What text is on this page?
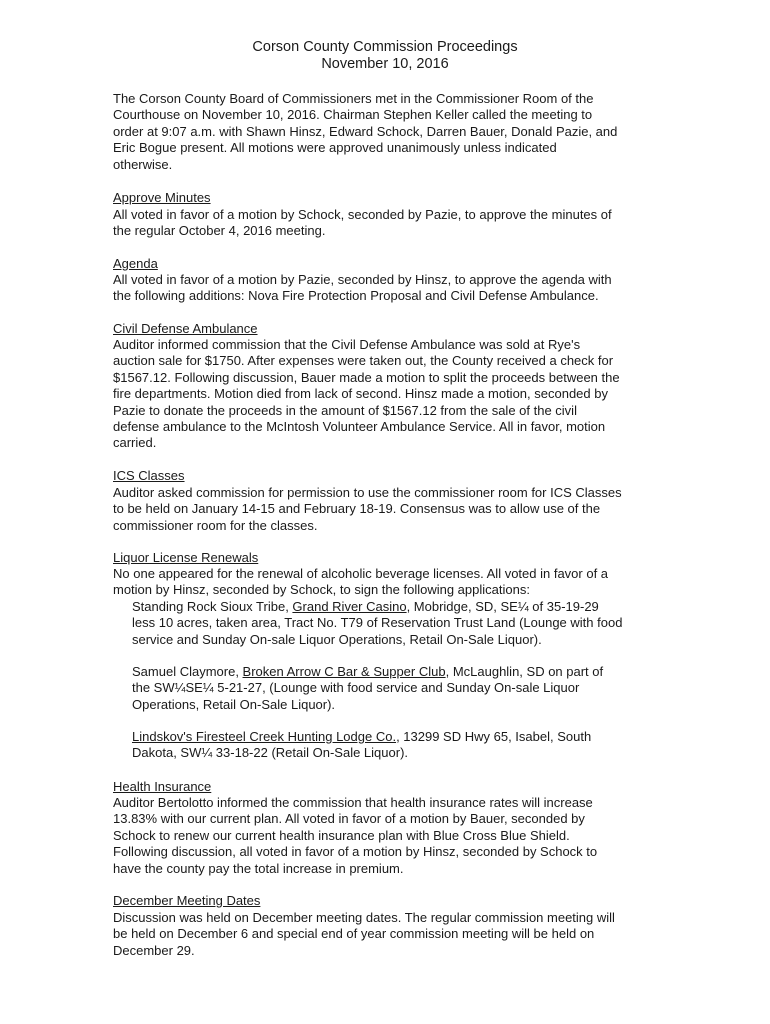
Corson County Commission Proceedings
November 10, 2016
The Corson County Board of Commissioners met in the Commissioner Room of the
Courthouse on November 10, 2016. Chairman Stephen Keller called the meeting to
order at 9:07 a.m. with Shawn Hinsz, Edward Schock, Darren Bauer, Donald Pazie, and
Eric Bogue present. All motions were approved unanimously unless indicated
otherwise.
Approve Minutes
All voted in favor of a motion by Schock, seconded by Pazie, to approve the minutes of
the regular October 4, 2016 meeting.
Agenda
All voted in favor of a motion by Pazie, seconded by Hinsz, to approve the agenda with
the following additions: Nova Fire Protection Proposal and Civil Defense Ambulance.
Civil Defense Ambulance
Auditor informed commission that the Civil Defense Ambulance was sold at Rye's
auction sale for $1750. After expenses were taken out, the County received a check for
$1567.12. Following discussion, Bauer made a motion to split the proceeds between the
fire departments. Motion died from lack of second. Hinsz made a motion, seconded by
Pazie to donate the proceeds in the amount of $1567.12 from the sale of the civil
defense ambulance to the McIntosh Volunteer Ambulance Service. All in favor, motion
carried.
ICS Classes
Auditor asked commission for permission to use the commissioner room for ICS Classes
to be held on January 14-15 and February 18-19. Consensus was to allow use of the
commissioner room for the classes.
Liquor License Renewals
No one appeared for the renewal of alcoholic beverage licenses. All voted in favor of a
motion by Hinsz, seconded by Schock, to sign the following applications:
Standing Rock Sioux Tribe, Grand River Casino, Mobridge, SD, SE¼ of 35-19-29
less 10 acres, taken area, Tract No. T79 of Reservation Trust Land (Lounge with food
service and Sunday On-sale Liquor Operations, Retail On-Sale Liquor).
Samuel Claymore, Broken Arrow C Bar & Supper Club, McLaughlin, SD on part of
the SW¼SE¼ 5-21-27, (Lounge with food service and Sunday On-sale Liquor
Operations, Retail On-Sale Liquor).
Lindskov's Firesteel Creek Hunting Lodge Co., 13299 SD Hwy 65, Isabel, South
Dakota, SW¼ 33-18-22 (Retail On-Sale Liquor).
Health Insurance
Auditor Bertolotto informed the commission that health insurance rates will increase
13.83% with our current plan. All voted in favor of a motion by Bauer, seconded by
Schock to renew our current health insurance plan with Blue Cross Blue Shield.
Following discussion, all voted in favor of a motion by Hinsz, seconded by Schock to
have the county pay the total increase in premium.
December Meeting Dates
Discussion was held on December meeting dates. The regular commission meeting will
be held on December 6 and special end of year commission meeting will be held on
December 29.
